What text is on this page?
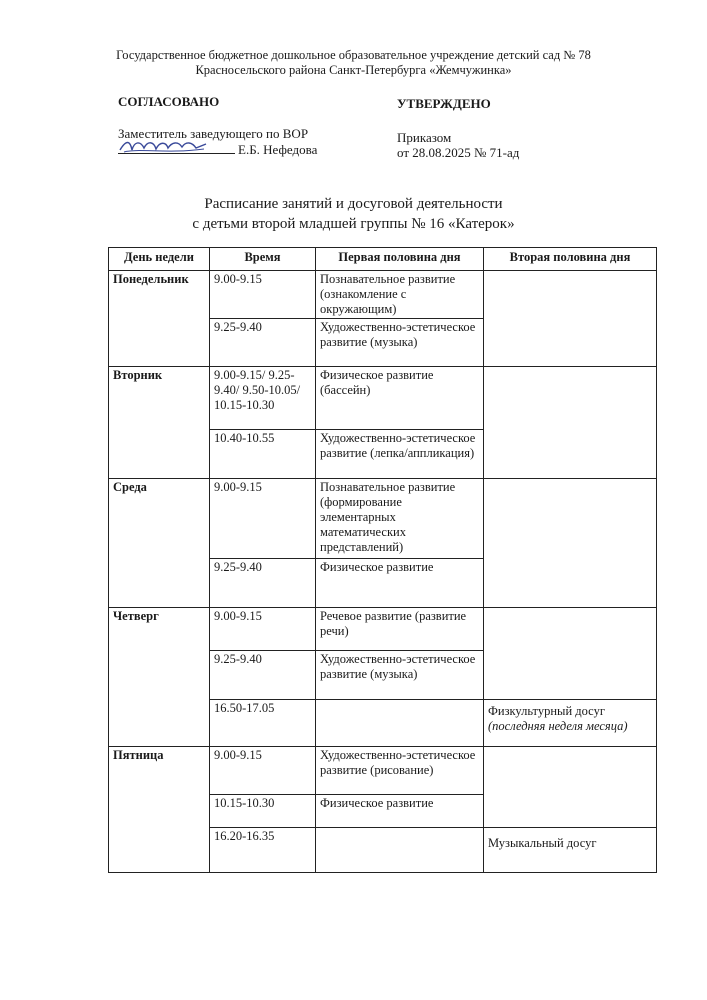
Государственное бюджетное дошкольное образовательное учреждение детский сад № 78
Красносельского района Санкт-Петербурга «Жемчужинка»
СОГЛАСОВАНО
Заместитель заведующего по ВОР
Е.Б. Нефедова
УТВЕРЖДЕНО
Приказом
от 28.08.2025 № 71-ад
Расписание занятий и досуговой деятельности
с детьми второй младшей группы № 16 «Катерок»
День недели	Время	Первая половина дня	Вторая половина дня
Понедельник	9.00-9.15	Познавательное развитие (ознакомление с окружающим)	
	9.25-9.40	Художественно-эстетическое развитие (музыка)	
Вторник	9.00-9.15/ 9.25-9.40/ 9.50-10.05/ 10.15-10.30	Физическое развитие (бассейн)	
	10.40-10.55	Художественно-эстетическое развитие (лепка/аппликация)	
Среда	9.00-9.15	Познавательное развитие (формирование элементарных математических представлений)	
	9.25-9.40	Физическое развитие	
Четверг	9.00-9.15	Речевое развитие (развитие речи)	
	9.25-9.40	Художественно-эстетическое развитие (музыка)	
	16.50-17.05		Физкультурный досуг
(последняя неделя месяца)

Пятница	9.00-9.15	Художественно-эстетическое развитие (рисование)	
	10.15-10.30	Физическое развитие	
	16.20-16.35		Музыкальный досуг
